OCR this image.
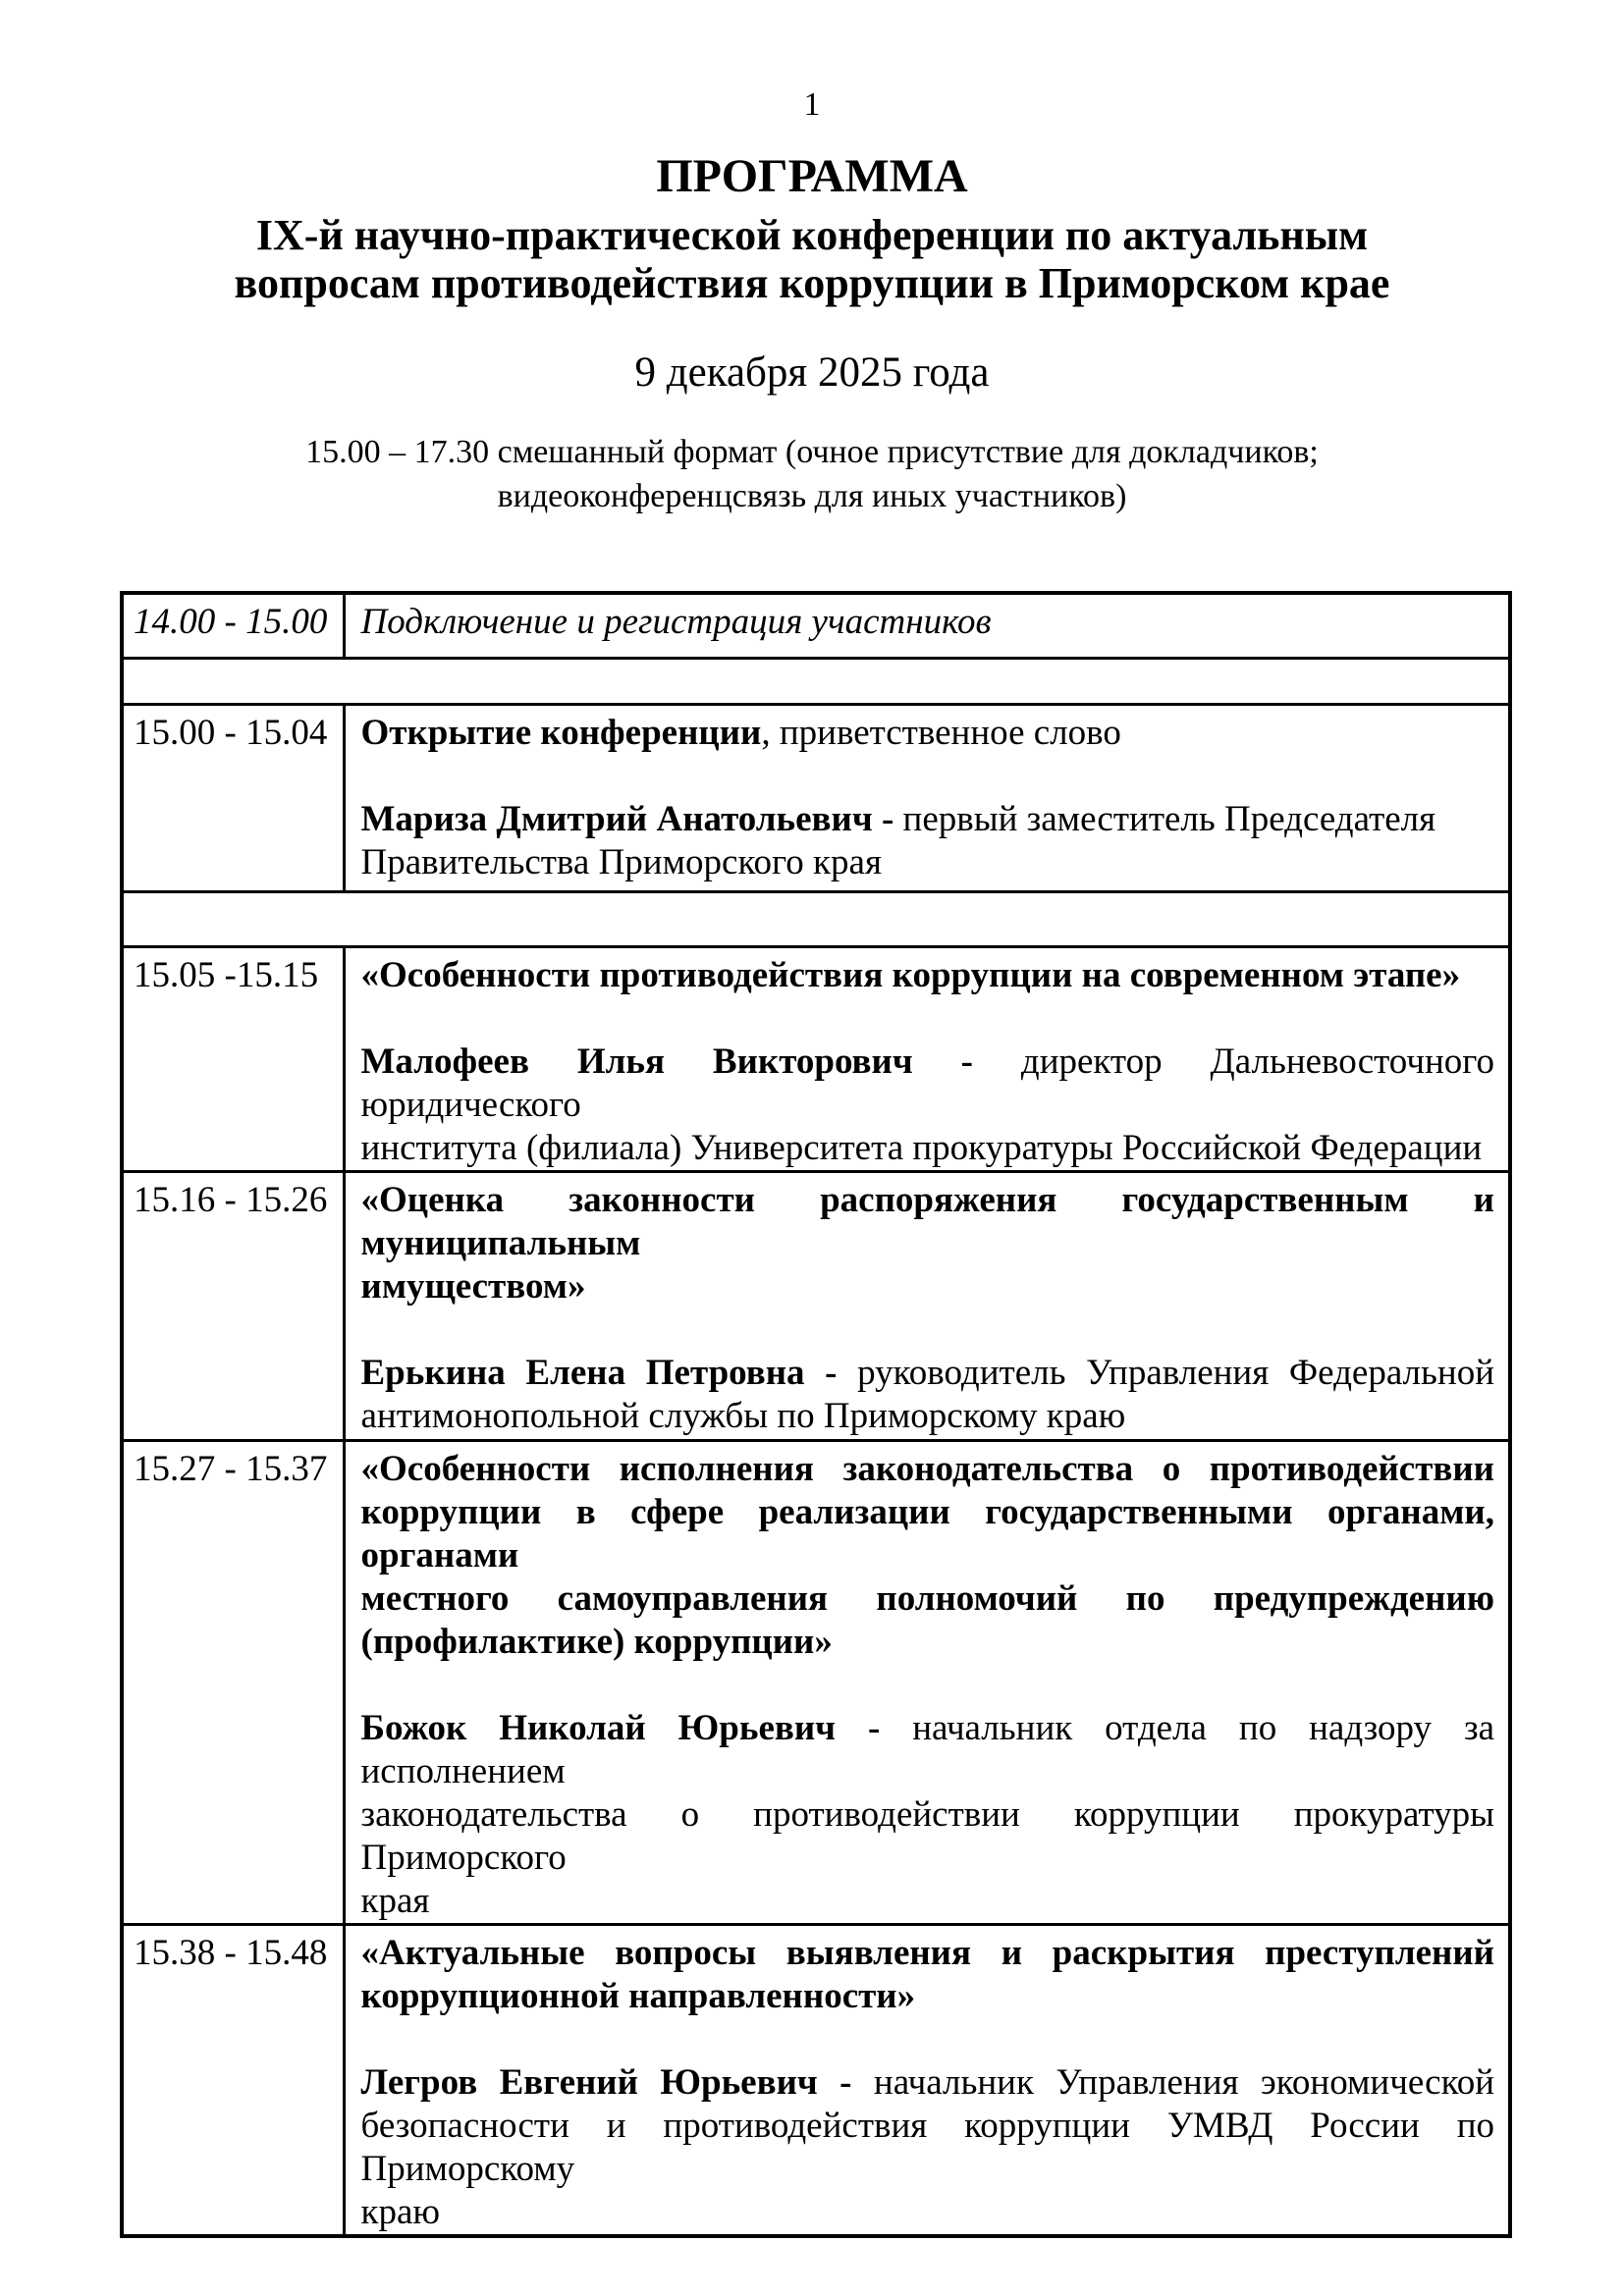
1
ПРОГРАММА
IX-й научно-практической конференции по актуальным
вопросам противодействия коррупции в Приморском крае
9 декабря 2025 года
15.00 – 17.30 смешанный формат (очное присутствие для докладчиков;
видеоконференцсвязь для иных участников)
14.00 - 15.00	Подключение и регистрация участников

15.00 - 15.04	Открытие конференции, приветственное слово
Мариза Дмитрий Анатольевич - первый заместитель Председателя
Правительства Приморского края

15.05 -15.15	«Особенности противодействия коррупции на современном этапе»
Малофеев Илья Викторович - директор Дальневосточного юридического
института (филиала) Университета прокуратуры Российской Федерации

15.16 - 15.26	«Оценка законности распоряжения государственным и муниципальным
имуществом»
Ерькина Елена Петровна - руководитель Управления Федеральной
антимонопольной службы по Приморскому краю

15.27 - 15.37	«Особенности исполнения законодательства о противодействии
коррупции в сфере реализации государственными органами, органами
местного самоуправления полномочий по предупреждению
(профилактике) коррупции»
Божок Николай Юрьевич - начальник отдела по надзору за исполнением
законодательства о противодействии коррупции прокуратуры Приморского
края

15.38 - 15.48	«Актуальные вопросы выявления и раскрытия преступлений
коррупционной направленности»
Легров Евгений Юрьевич - начальник Управления экономической
безопасности и противодействия коррупции УМВД России по Приморскому
краю
